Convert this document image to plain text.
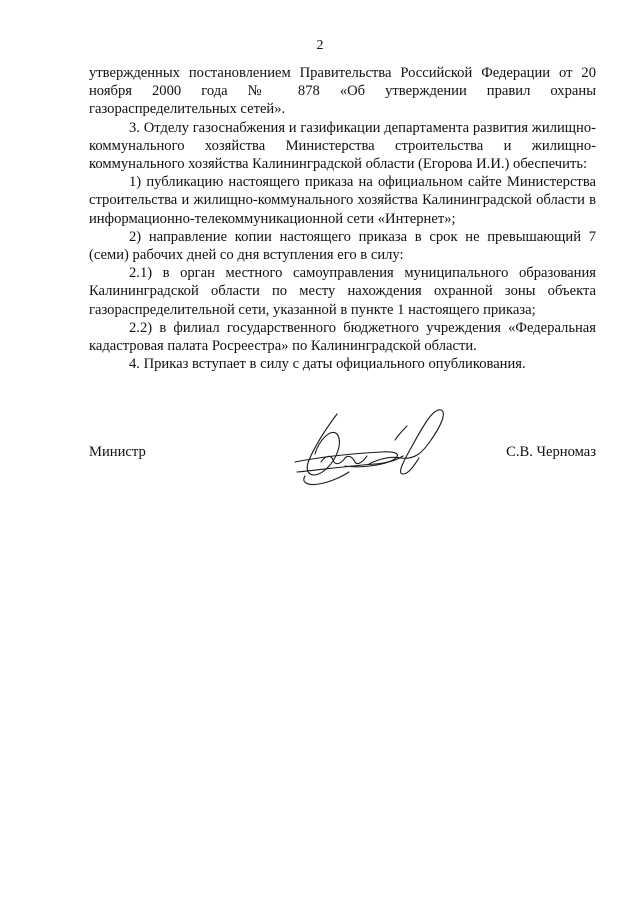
2

утвержденных постановлением Правительства Российской Федерации от 20 ноября 2000 года № 878 «Об утверждении правил охраны газораспределительных сетей».

3. Отделу газоснабжения и газификации департамента развития жилищно-коммунального хозяйства Министерства строительства и жилищно-коммунального хозяйства Калининградской области (Егорова И.И.) обеспечить:

1) публикацию настоящего приказа на официальном сайте Министерства строительства и жилищно-коммунального хозяйства Калининградской области в информационно-телекоммуникационной сети «Интернет»;

2) направление копии настоящего приказа в срок не превышающий 7 (семи) рабочих дней со дня вступления его в силу:

2.1) в орган местного самоуправления муниципального образования Калининградской области по месту нахождения охранной зоны объекта газораспределительной сети, указанной в пункте 1 настоящего приказа;

2.2) в филиал государственного бюджетного учреждения «Федеральная кадастровая палата Росреестра» по Калининградской области.

4. Приказ вступает в силу с даты официального опубликования.

Министр	С.В. Черномаз
